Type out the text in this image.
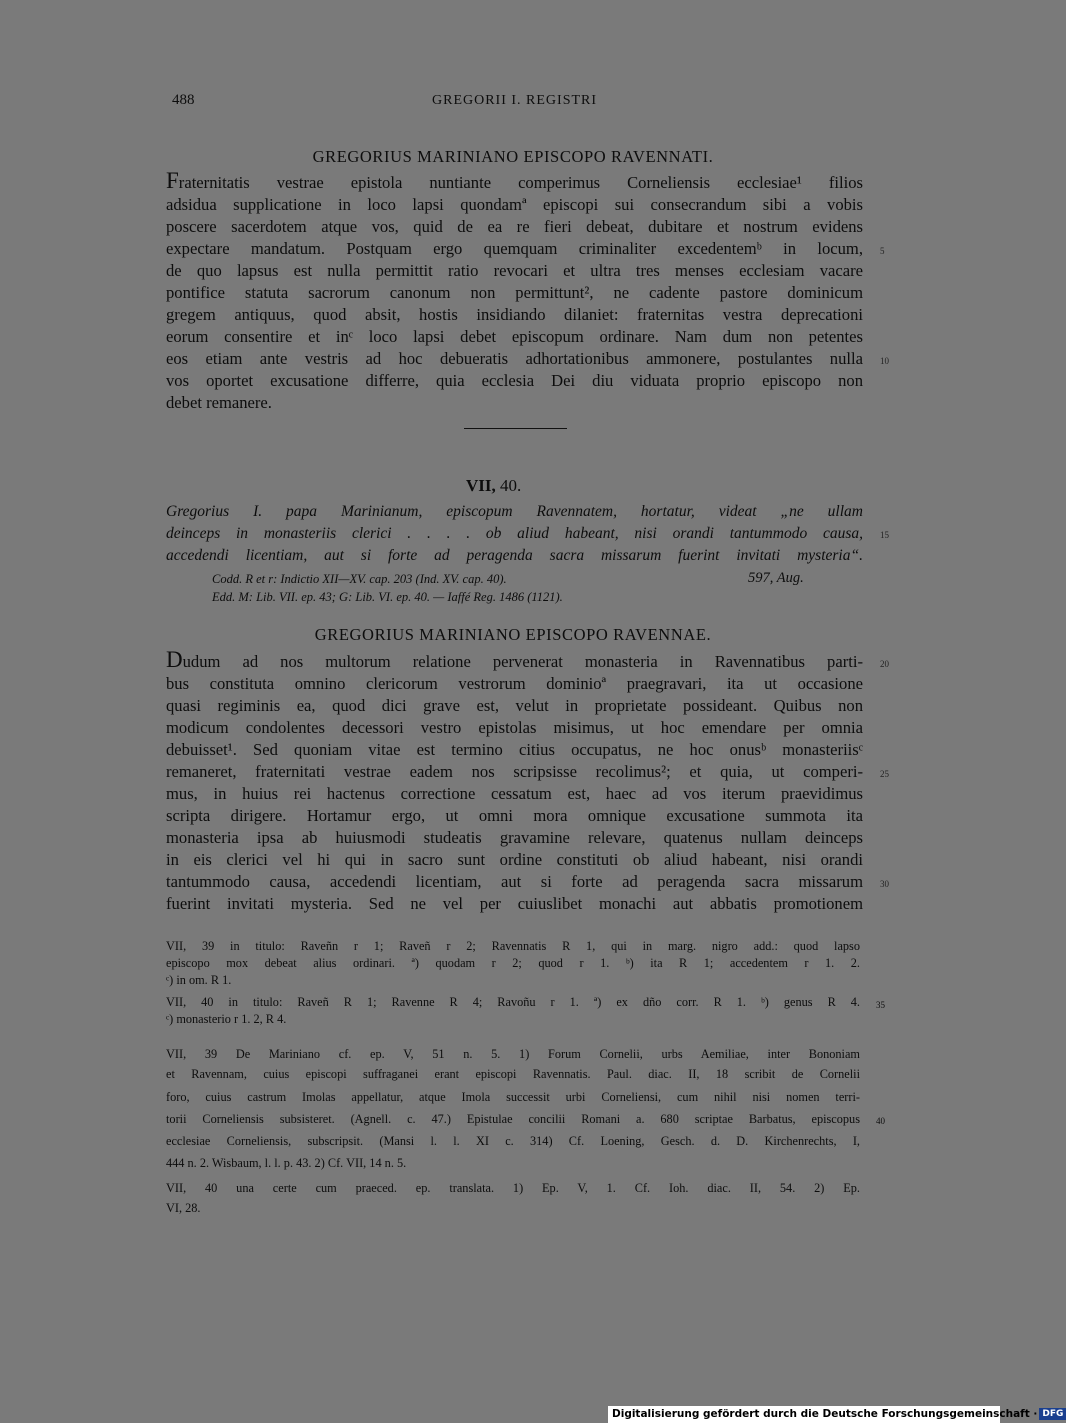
488	GREGORII I. REGISTRI
GREGORIUS MARINIANO EPISCOPO RAVENNATI.
Fraternitatis vestrae epistola nuntiante comperimus Corneliensis ecclesiae¹ filios
adsidua supplicatione in loco lapsi quondamª episcopi sui consecrandum sibi a vobis
poscere sacerdotem atque vos, quid de ea re fieri debeat, dubitare et nostrum evidens
expectare mandatum. Postquam ergo quemquam criminaliter excedentemᵇ in locum,
de quo lapsus est nulla permittit ratio revocari et ultra tres menses ecclesiam vacare
pontifice statuta sacrorum canonum non permittunt², ne cadente pastore dominicum
gregem antiquus, quod absit, hostis insidiando dilaniet: fraternitas vestra deprecationi
eorum consentire et inᶜ loco lapsi debet episcopum ordinare. Nam dum non petentes
eos etiam ante vestris ad hoc debueratis adhortationibus ammonere, postulantes nulla
vos oportet excusatione differre, quia ecclesia Dei diu viduata proprio episcopo non
debet remanere.
5
10
VII, 40.
Gregorius I. papa Marinianum, episcopum Ravennatem, hortatur, videat „ne ullam
deinceps in monasteriis clerici . . . . ob aliud habeant, nisi orandi tantummodo causa,
accedendi licentiam, aut si forte ad peragenda sacra missarum fuerint invitati mysteria“.
15
Codd. R et r: Indictio XII—XV. cap. 203 (Ind. XV. cap. 40).	597, Aug.
Edd. M: Lib. VII. ep. 43; G: Lib. VI. ep. 40. — Iaffé Reg. 1486 (1121).
GREGORIUS MARINIANO EPISCOPO RAVENNAE.
Dudum ad nos multorum relatione pervenerat monasteria in Ravennatibus parti-
bus constituta omnino clericorum vestrorum dominioª praegravari, ita ut occasione
quasi regiminis ea, quod dici grave est, velut in proprietate possideant. Quibus non
modicum condolentes decessori vestro epistolas misimus, ut hoc emendare per omnia
debuisset¹. Sed quoniam vitae est termino citius occupatus, ne hoc onusᵇ monasteriisᶜ
remaneret, fraternitati vestrae eadem nos scripsisse recolimus²; et quia, ut comperi-
mus, in huius rei hactenus correctione cessatum est, haec ad vos iterum praevidimus
scripta dirigere. Hortamur ergo, ut omni mora omnique excusatione summota ita
monasteria ipsa ab huiusmodi studeatis gravamine relevare, quatenus nullam deinceps
in eis clerici vel hi qui in sacro sunt ordine constituti ob aliud habeant, nisi orandi
tantummodo causa, accedendi licentiam, aut si forte ad peragenda sacra missarum
fuerint invitati mysteria. Sed ne vel per cuiuslibet monachi aut abbatis promotionem
20
25
30
VII, 39 in titulo: Raveñn r 1; Raveñ r 2; Ravennatis R 1, qui in marg. nigro add.: quod lapso
episcopo mox debeat alius ordinari. ª) quodam r 2; quod r 1. ᵇ) ita R 1; accedentem r 1. 2.
ᶜ) in om. R 1.
VII, 40 in titulo: Raveñ R 1; Ravenne R 4; Ravoñu r 1. ª) ex dño corr. R 1. ᵇ) genus R 4.
ᶜ) monasterio r 1. 2, R 4.
35
VII, 39 De Mariniano cf. ep. V, 51 n. 5. 1) Forum Cornelii, urbs Aemiliae, inter Bononiam
et Ravennam, cuius episcopi suffraganei erant episcopi Ravennatis. Paul. diac. II, 18 scribit de Cornelii
foro, cuius castrum Imolas appellatur, atque Imola successit urbi Corneliensi, cum nihil nisi nomen terri-
torii Corneliensis subsisteret. (Agnell. c. 47.) Epistulae concilii Romani a. 680 scriptae Barbatus, episcopus
ecclesiae Corneliensis, subscripsit. (Mansi l. l. XI c. 314) Cf. Loening, Gesch. d. D. Kirchenrechts, I,
444 n. 2. Wisbaum, l. l. p. 43. 2) Cf. VII, 14 n. 5.
VII, 40 una certe cum praeced. ep. translata. 1) Ep. V, 1. Cf. Ioh. diac. II, 54. 2) Ep.
VI, 28.
40
Digitalisierung gefördert durch die Deutsche Forschungsgemeinschaft · DFG
